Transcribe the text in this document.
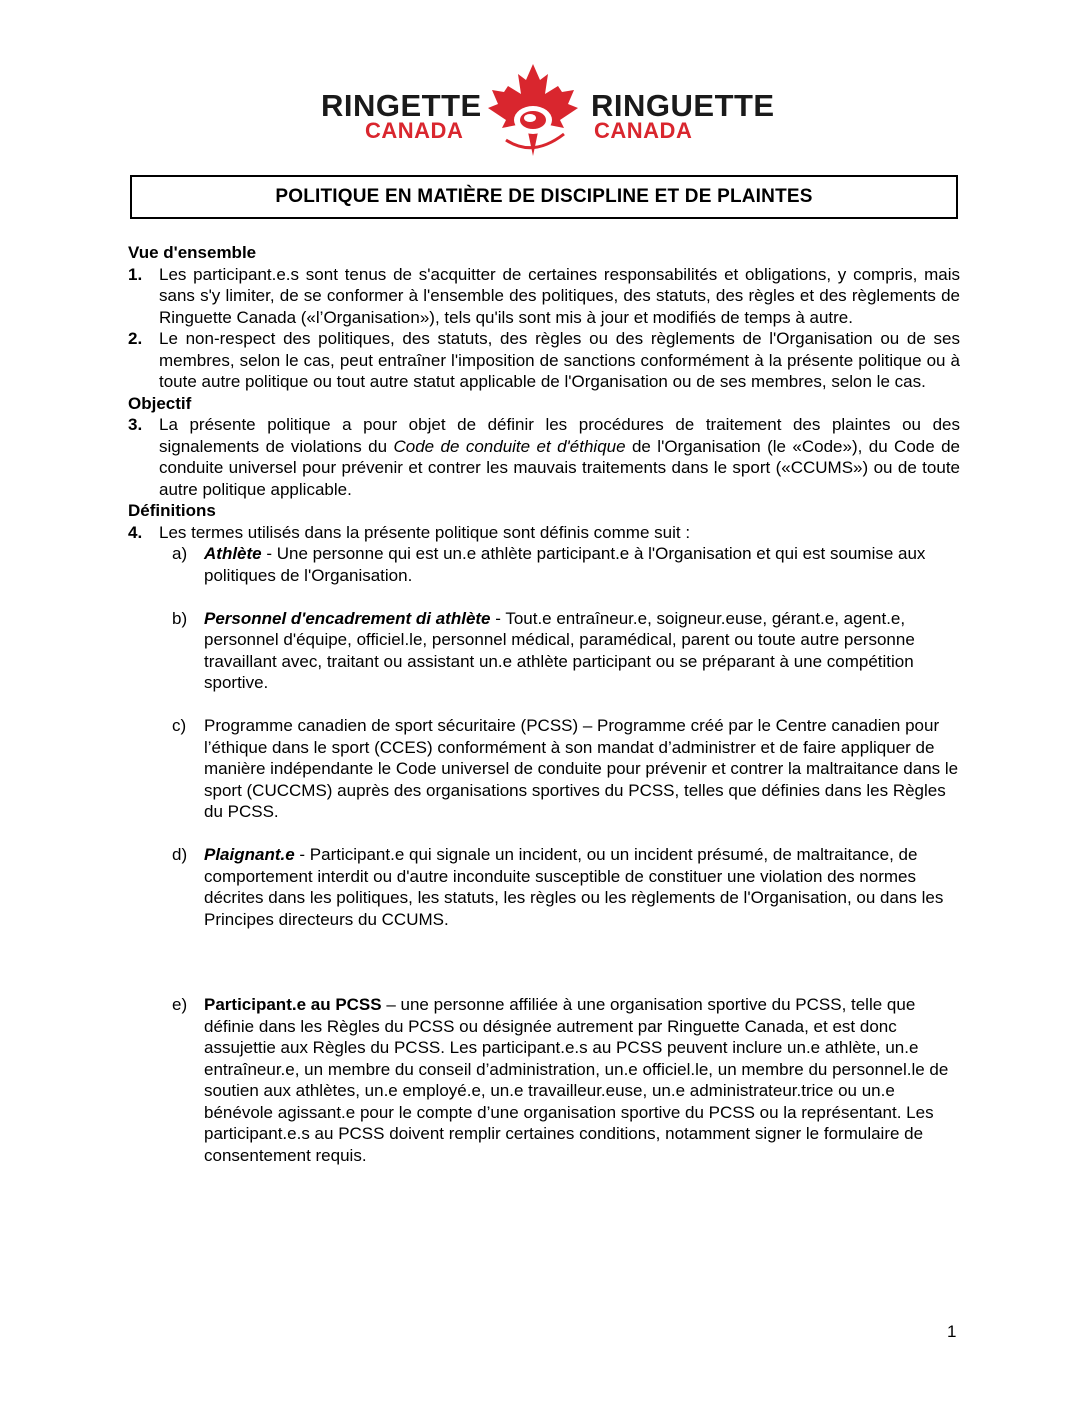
RINGETTE
CANADA
RINGUETTE
CANADA
POLITIQUE EN MATIÈRE DE DISCIPLINE ET DE PLAINTES

Vue d'ensemble

1. Les participant.e.s sont tenus de s'acquitter de certaines responsabilités et obligations, y compris, mais sans s'y limiter, de se conformer à l'ensemble des politiques, des statuts, des règles et des règlements de Ringuette Canada («l’Organisation»), tels qu'ils sont mis à jour et modifiés de temps à autre.
2. Le non-respect des politiques, des statuts, des règles ou des règlements de l'Organisation ou de ses membres, selon le cas, peut entraîner l'imposition de sanctions conformément à la présente politique ou à toute autre politique ou tout autre statut applicable de l'Organisation ou de ses membres, selon le cas.

Objectif

3. La présente politique a pour objet de définir les procédures de traitement des plaintes ou des signalements de violations du Code de conduite et d'éthique de l'Organisation (le «Code»), du Code de conduite universel pour prévenir et contrer les mauvais traitements dans le sport («CCUMS») ou de toute autre politique applicable.

Définitions

4. Les termes utilisés dans la présente politique sont définis comme suit :
a) Athlète - Une personne qui est un.e athlète participant.e à l'Organisation et qui est soumise aux politiques de l'Organisation.
b) Personnel d'encadrement di athlète - Tout.e entraîneur.e, soigneur.euse, gérant.e, agent.e, personnel d'équipe, officiel.le, personnel médical, paramédical, parent ou toute autre personne travaillant avec, traitant ou assistant un.e athlète participant ou se préparant à une compétition sportive.
c) Programme canadien de sport sécuritaire (PCSS) – Programme créé par le Centre canadien pour l’éthique dans le sport (CCES) conformément à son mandat d’administrer et de faire appliquer de manière indépendante le Code universel de conduite pour prévenir et contrer la maltraitance dans le sport (CUCCMS) auprès des organisations sportives du PCSS, telles que définies dans les Règles du PCSS.
d) Plaignant.e - Participant.e qui signale un incident, ou un incident présumé, de maltraitance, de comportement interdit ou d'autre inconduite susceptible de constituer une violation des normes décrites dans les politiques, les statuts, les règles ou les règlements de l'Organisation, ou dans les Principes directeurs du CCUMS.
e) Participant.e au PCSS – une personne affiliée à une organisation sportive du PCSS, telle que définie dans les Règles du PCSS ou désignée autrement par Ringuette Canada, et est donc assujettie aux Règles du PCSS. Les participant.e.s au PCSS peuvent inclure un.e athlète, un.e entraîneur.e, un membre du conseil d’administration, un.e officiel.le, un membre du personnel.le de soutien aux athlètes, un.e employé.e, un.e travailleur.euse, un.e administrateur.trice ou un.e bénévole agissant.e pour le compte d’une organisation sportive du PCSS ou la représentant. Les participant.e.s au PCSS doivent remplir certaines conditions, notamment signer le formulaire de consentement requis.
1
